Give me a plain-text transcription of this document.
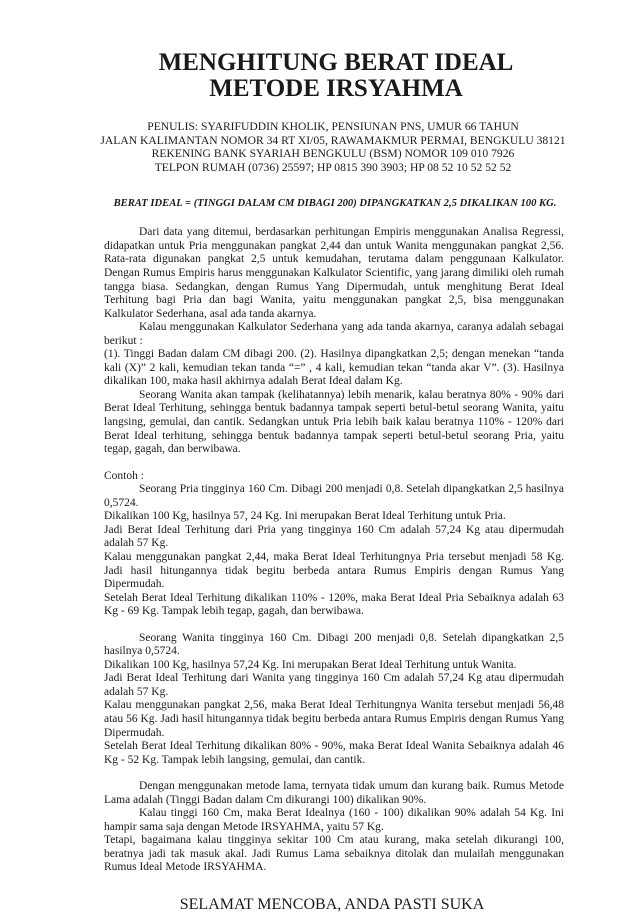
MENGHITUNG BERAT IDEAL
METODE IRSYAHMA
PENULIS: SYARIFUDDIN KHOLIK, PENSIUNAN PNS, UMUR 66 TAHUN
JALAN KALIMANTAN NOMOR 34 RT XI/05, RAWAMAKMUR PERMAI, BENGKULU 38121
REKENING BANK SYARIAH BENGKULU (BSM) NOMOR 109 010 7926
TELPON RUMAH (0736) 25597; HP 0815 390 3903; HP 08 52 10 52 52 52
BERAT IDEAL = (TINGGI DALAM CM DIBAGI 200) DIPANGKATKAN 2,5 DIKALIKAN 100 KG.

Dari data yang ditemui, berdasarkan perhitungan Empiris menggunakan Analisa Regressi, didapatkan untuk Pria menggunakan pangkat 2,44 dan untuk Wanita menggunakan pangkat 2,56. Rata-rata digunakan pangkat 2,5 untuk kemudahan, terutama dalam penggunaan Kalkulator. Dengan Rumus Empiris harus menggunakan Kalkulator Scientific, yang jarang dimiliki oleh rumah tangga biasa. Sedangkan, dengan Rumus Yang Dipermudah, untuk menghitung Berat Ideal Terhitung bagi Pria dan bagi Wanita, yaitu menggunakan pangkat 2,5, bisa menggunakan Kalkulator Sederhana, asal ada tanda akarnya.

Kalau menggunakan Kalkulator Sederhana yang ada tanda akarnya, caranya adalah sebagai berikut :

(1). Tinggi Badan dalam CM dibagi 200. (2). Hasilnya dipangkatkan 2,5; dengan menekan “tanda kali (X)” 2 kali, kemudian tekan tanda “=” , 4 kali, kemudian tekan “tanda akar V”. (3). Hasilnya dikalikan 100, maka hasil akhirnya adalah Berat Ideal dalam Kg.

Seorang Wanita akan tampak (kelihatannya) lebih menarik, kalau beratnya 80% - 90% dari Berat Ideal Terhitung, sehingga bentuk badannya tampak seperti betul-betul seorang Wanita, yaitu langsing, gemulai, dan cantik. Sedangkan untuk Pria lebih baik kalau beratnya 110% - 120% dari Berat Ideal terhitung, sehingga bentuk badannya tampak seperti betul-betul seorang Pria, yaitu tegap, gagah, dan berwibawa.

Contoh :

Seorang Pria tingginya 160 Cm. Dibagi 200 menjadi 0,8. Setelah dipangkatkan 2,5 hasilnya 0,5724.

Dikalikan 100 Kg, hasilnya 57, 24 Kg. Ini merupakan Berat Ideal Terhitung untuk Pria.

Jadi Berat Ideal Terhitung dari Pria yang tingginya 160 Cm adalah 57,24 Kg atau dipermudah adalah 57 Kg.

Kalau menggunakan pangkat 2,44, maka Berat Ideal Terhitungnya Pria tersebut menjadi 58 Kg. Jadi hasil hitungannya tidak begitu berbeda antara Rumus Empiris dengan Rumus Yang Dipermudah.

Setelah Berat Ideal Terhitung dikalikan 110% - 120%, maka Berat Ideal Pria Sebaiknya adalah 63 Kg - 69 Kg. Tampak lebih tegap, gagah, dan berwibawa.

Seorang Wanita tingginya 160 Cm. Dibagi 200 menjadi 0,8. Setelah dipangkatkan 2,5 hasilnya 0,5724.

Dikalikan 100 Kg, hasilnya 57,24 Kg. Ini merupakan Berat Ideal Terhitung untuk Wanita.

Jadi Berat Ideal Terhitung dari Wanita yang tingginya 160 Cm adalah 57,24 Kg atau dipermudah adalah 57 Kg.

Kalau menggunakan pangkat 2,56, maka Berat Ideal Terhitungnya Wanita tersebut menjadi 56,48 atau 56 Kg. Jadi hasil hitungannya tidak begitu berbeda antara Rumus Empiris dengan Rumus Yang Dipermudah.

Setelah Berat Ideal Terhitung dikalikan 80% - 90%, maka Berat Ideal Wanita Sebaiknya adalah 46 Kg - 52 Kg. Tampak lebih langsing, gemulai, dan cantik.

Dengan menggunakan metode lama, ternyata tidak umum dan kurang baik. Rumus Metode Lama adalah (Tinggi Badan dalam Cm dikurangi 100) dikalikan 90%.

Kalau tinggi 160 Cm, maka Berat Idealnya (160 - 100) dikalikan 90% adalah 54 Kg. Ini hampir sama saja dengan Metode IRSYAHMA, yaitu 57 Kg.

Tetapi, bagaimana kalau tingginya sekitar 100 Cm atau kurang, maka setelah dikurangi 100, beratnya jadi tak masuk akal. Jadi Rumus Lama sebaiknya ditolak dan mulailah menggunakan Rumus Ideal Metode IRSYAHMA.

SELAMAT MENCOBA, ANDA PASTI SUKA
